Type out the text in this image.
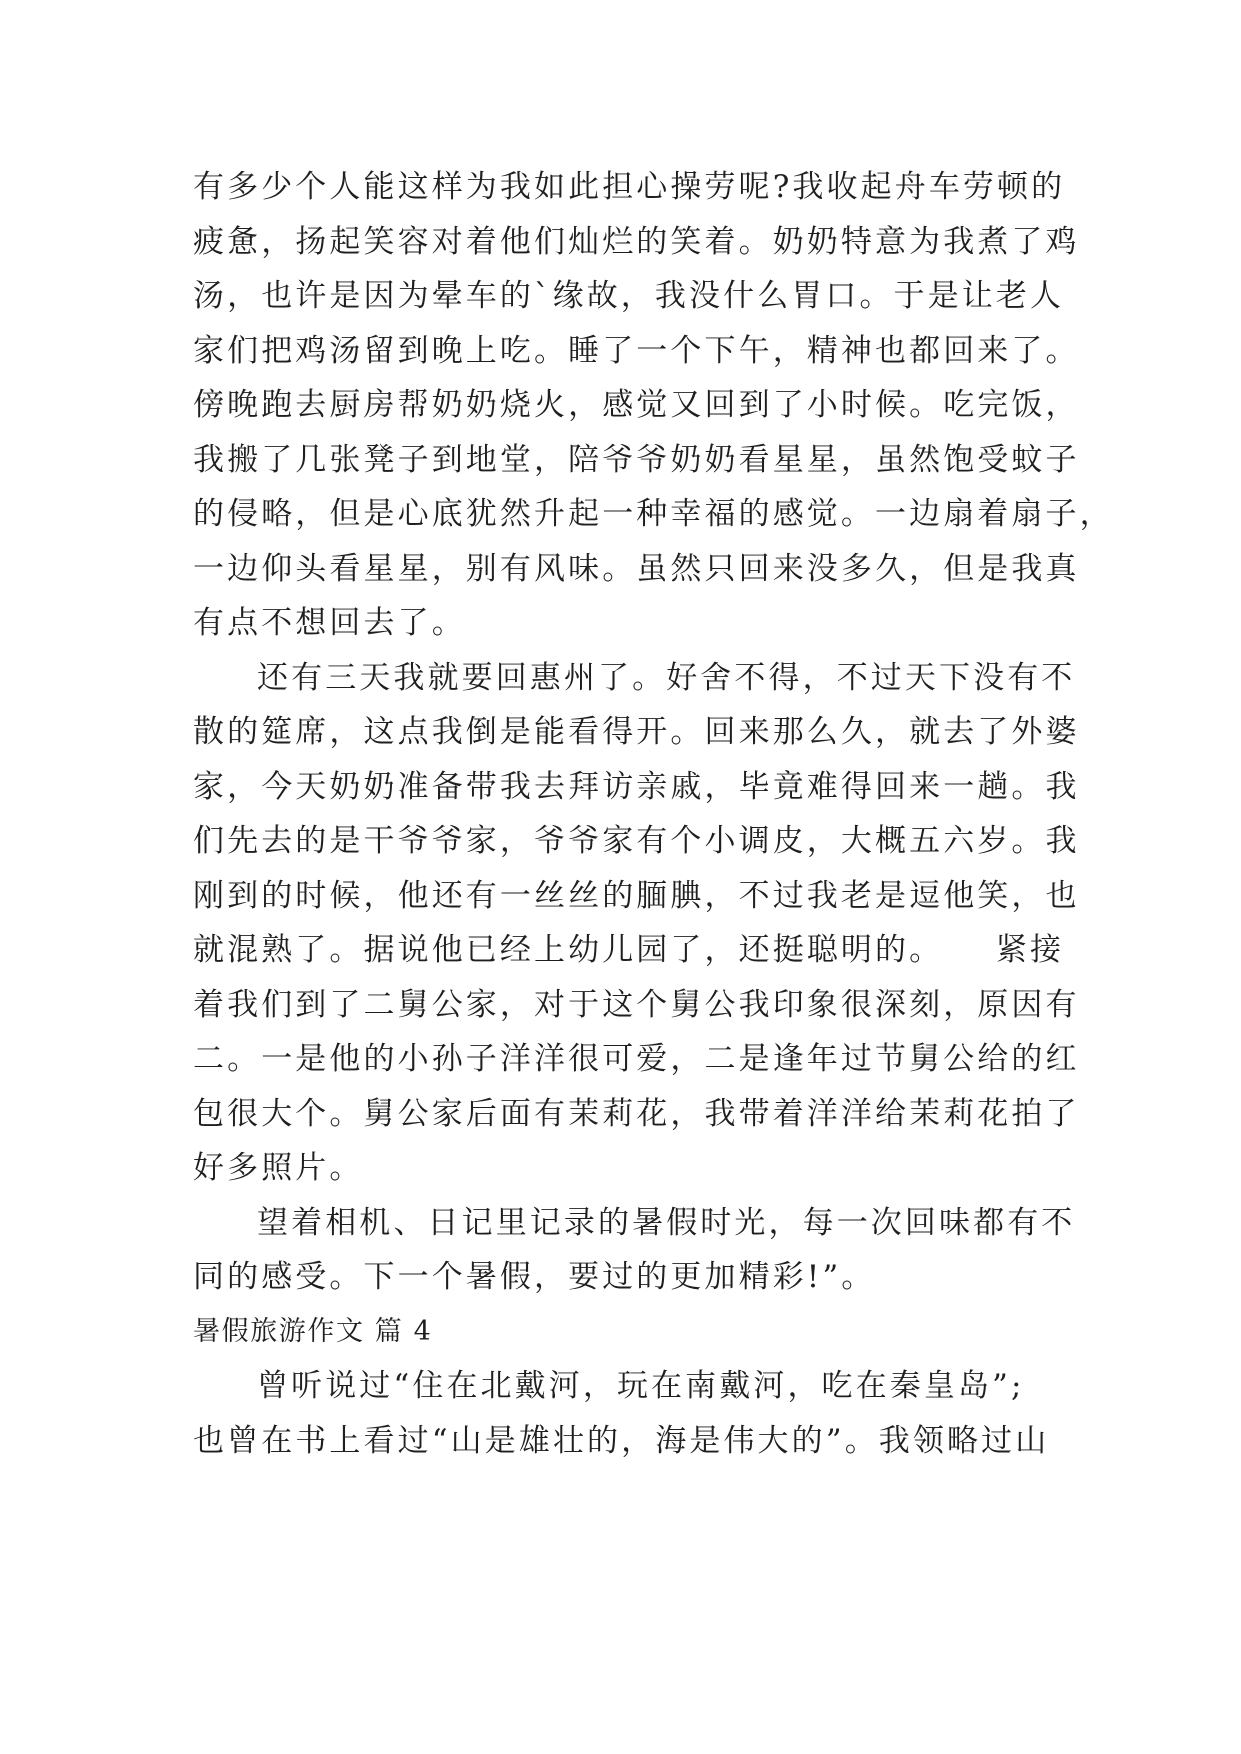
有多少个人能这样为我如此担心操劳呢?我收起舟车劳顿的
疲惫，扬起笑容对着他们灿烂的笑着。奶奶特意为我煮了鸡
汤，也许是因为晕车的`缘故，我没什么胃口。于是让老人
家们把鸡汤留到晚上吃。睡了一个下午，精神也都回来了。
傍晚跑去厨房帮奶奶烧火，感觉又回到了小时候。吃完饭，
我搬了几张凳子到地堂，陪爷爷奶奶看星星，虽然饱受蚊子
的侵略，但是心底犹然升起一种幸福的感觉。一边扇着扇子，
一边仰头看星星，别有风味。虽然只回来没多久，但是我真
有点不想回去了。
还有三天我就要回惠州了。好舍不得，不过天下没有不
散的筵席，这点我倒是能看得开。回来那么久，就去了外婆
家，今天奶奶准备带我去拜访亲戚，毕竟难得回来一趟。我
们先去的是干爷爷家，爷爷家有个小调皮，大概五六岁。我
刚到的时候，他还有一丝丝的腼腆，不过我老是逗他笑，也
就混熟了。据说他已经上幼儿园了，还挺聪明的。　　紧接
着我们到了二舅公家，对于这个舅公我印象很深刻，原因有
二。一是他的小孙子洋洋很可爱，二是逢年过节舅公给的红
包很大个。舅公家后面有茉莉花，我带着洋洋给茉莉花拍了
好多照片。
望着相机、日记里记录的暑假时光，每一次回味都有不
同的感受。下一个暑假，要过的更加精彩!”。
暑假旅游作文 篇 4
曾听说过“住在北戴河，玩在南戴河，吃在秦皇岛”;
也曾在书上看过“山是雄壮的，海是伟大的”。我领略过山
